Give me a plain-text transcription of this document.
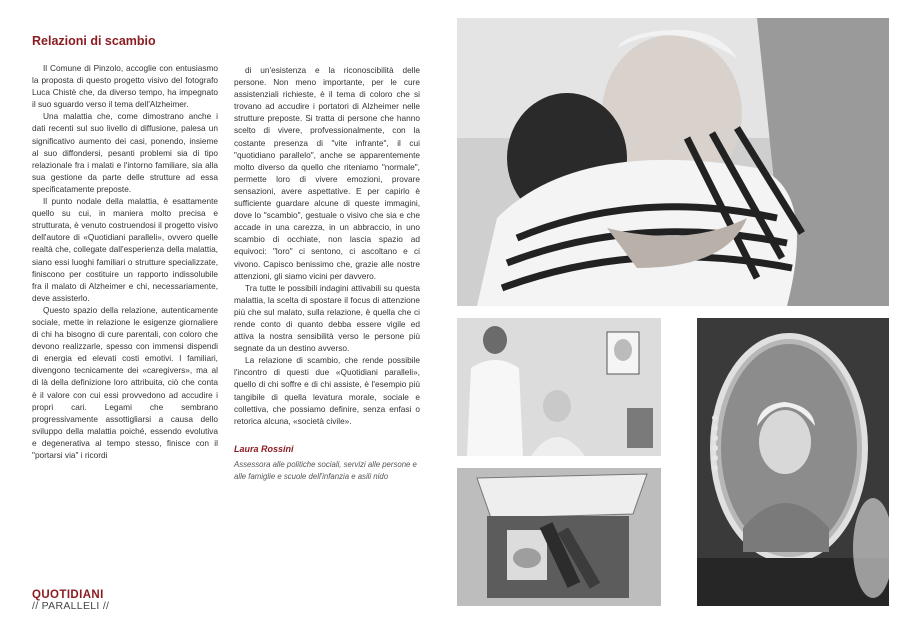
Relazioni di scambio

Il Comune di Pinzolo, accoglie con entusiasmo la proposta di questo progetto visivo del fotografo Luca Chistè che, da diverso tempo, ha impegnato il suo sguardo verso il tema dell'Alzheimer.

Una malattia che, come dimostrano anche i dati recenti sul suo livello di diffusione, palesa un significativo aumento dei casi, ponendo, insieme al suo diffondersi, pesanti problemi sia di tipo relazionale fra i malati e l'intorno familiare, sia alla sua gestione da parte delle strutture ad essa specificatamente preposte.

Il punto nodale della malattia, è esattamente quello su cui, in maniera molto precisa e strutturata, è venuto costruendosi il progetto visivo dell'autore di «Quotidiani paralleli», ovvero quelle realtà che, collegate dall'esperienza della malattia, siano essi luoghi familiari o strutture specializzate, finiscono per costituire un rapporto indissolubile fra il malato di Alzheimer e chi, necessariamente, deve assisterlo.

Questo spazio della relazione, autenticamente sociale, mette in relazione le esigenze giornaliere di chi ha bisogno di cure parentali, con coloro che devono realizzarle, spesso con immensi dispendi di energia ed elevati costi emotivi. I familiari, divengono tecnicamente dei «caregivers», ma al di là della definizione loro attribuita, ciò che conta è il valore con cui essi provvedono ad accudire i propri cari. Legami che sembrano progressivamente assottigliarsi a causa dello sviluppo della malattia poiché, essendo evolutiva e degenerativa al tempo stesso, finisce con il "portarsi via" i ricordi

di un'esistenza e la riconoscibilità delle persone. Non meno importante, per le cure assistenziali richieste, è il tema di coloro che si trovano ad accudire i portatori di Alzheimer nelle strutture preposte. Si tratta di persone che hanno scelto di vivere, profvessionalmente, con la costante presenza di "vite infrante", il cui "quotidiano parallelo", anche se apparentemente molto diverso da quello che riteniamo "normale", permette loro di vivere emozioni, provare sensazioni, avere aspettative. E per capirlo è sufficiente guardare alcune di queste immagini, dove lo "scambio", gestuale o visivo che sia e che accade in una carezza, in un abbraccio, in uno scambio di occhiate, non lascia spazio ad equivoci: "loro" ci sentono, ci ascoltano e ci vivono. Capisco benissimo che, grazie alle nostre attenzioni, gli siamo vicini per davvero.

Tra tutte le possibili indagini attivabili su questa malattia, la scelta di spostare il focus di attenzione più che sul malato, sulla relazione, è quella che ci rende conto di quanto debba essere vigile ed attiva la nostra sensibilità verso le persone più segnate da un destino avverso.

La relazione di scambio, che rende possibile l'incontro di questi due «Quotidiani paralleli», quello di chi soffre e di chi assiste, è l'esempio più tangibile di quella levatura morale, sociale e collettiva, che possiamo definire, senza enfasi o retorica alcuna, «società civile».

Laura Rossini
Assessora alle politiche sociali, servizi alle persone e alle famiglie e scuole dell'infanzia e asili nido

QUOTIDIANI
// PARALLELI //
